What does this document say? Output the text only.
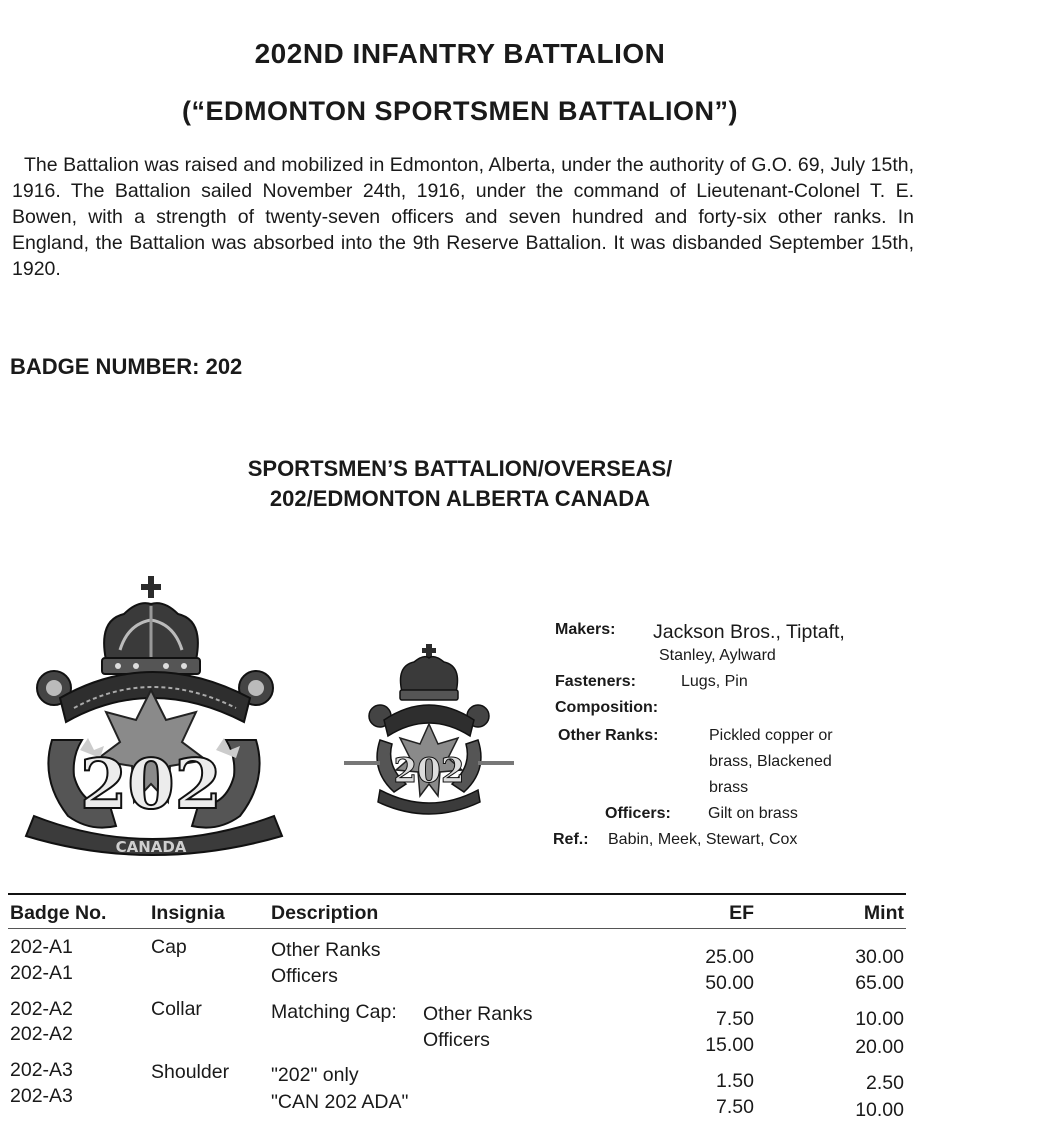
202ND INFANTRY BATTALION
(“EDMONTON SPORTSMEN BATTALION”)
The Battalion was raised and mobilized in Edmonton, Alberta, under the authority of G.O. 69, July 15th, 1916. The Battalion sailed November 24th, 1916, under the command of Lieutenant-Colonel T. E. Bowen, with a strength of twenty-seven officers and seven hundred and forty-six other ranks. In England, the Battalion was absorbed into the 9th Reserve Battalion. It was disbanded September 15th, 1920.
BADGE NUMBER: 202
SPORTSMEN’S BATTALION/OVERSEAS/
202/EDMONTON ALBERTA CANADA
202
CANADA
202
Makers: Jackson Bros., Tiptaft,
Stanley, Aylward
Fasteners:	Lugs, Pin
Composition:
Other Ranks:	Pickled copper or
brass, Blackened
brass
Officers: Gilt on brass
Ref.: Babin, Meek, Stewart, Cox
Badge No. Insignia Description	EF	Mint
202-A1	Cap	Other Ranks	25.00	30.00
202-A1	Officers	50.00	65.00
202-A2	Collar	Matching Cap: Other Ranks	7.50	10.00
202-A2	Officers	15.00	20.00
202-A3	Shoulder "202" only	1.50	2.50
202-A3	"CAN 202 ADA"	7.50	10.00
